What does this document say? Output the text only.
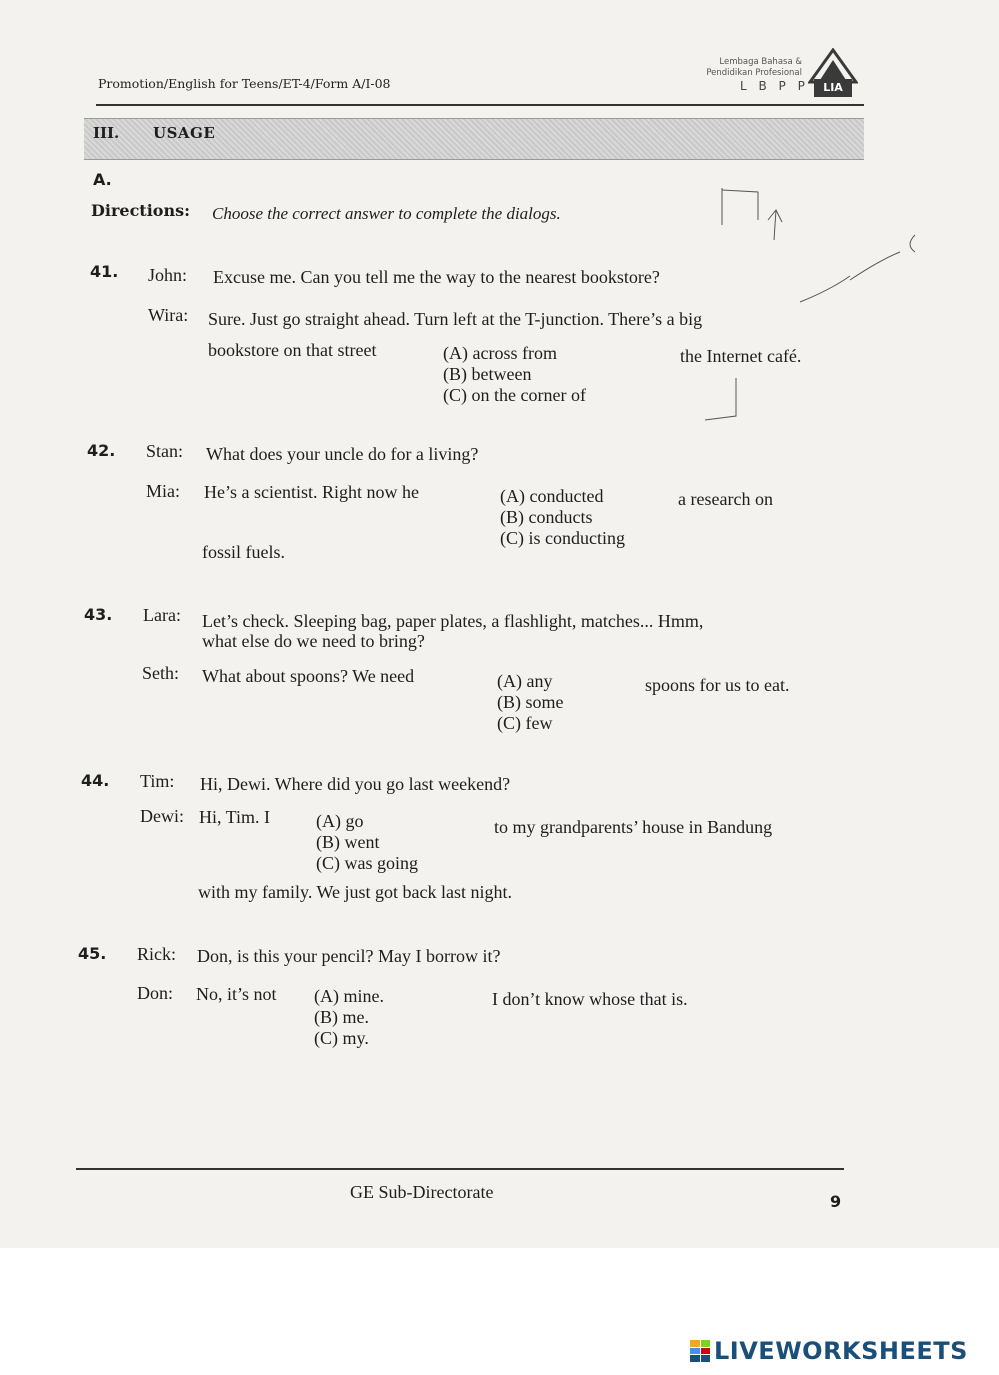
Promotion/English for Teens/ET-4/Form A/I-08
Lembaga Bahasa &
Pendidikan Profesional
L B P P	LIA
III. USAGE
A.
Directions: Choose the correct answer to complete the dialogs.
41. John: Excuse me. Can you tell me the way to the nearest bookstore?
Wira: Sure. Just go straight ahead. Turn left at the T-junction. There’s a big
bookstore on that street	(A) across from
(B) between
(C) on the corner of
the Internet café.
42. Stan: What does your uncle do for a living?
Mia: He’s a scientist. Right now he	(A) conducted
(B) conducts
(C) is conducting
a research on
fossil fuels.
43. Lara: Let’s check. Sleeping bag, paper plates, a flashlight, matches... Hmm,
what else do we need to bring?
Seth: What about spoons? We need	(A) any
(B) some
(C) few
spoons for us to eat.
44. Tim: Hi, Dewi. Where did you go last weekend?
Dewi: Hi, Tim. I	(A) go
(B) went
(C) was going
to my grandparents’ house in Bandung
with my family. We just got back last night.
45. Rick: Don, is this your pencil? May I borrow it?
Don: No, it’s not (A) mine.
(B) me.
(C) my.
I don’t know whose that is.
GE Sub-Directorate	9
LIVEWORKSHEETS
